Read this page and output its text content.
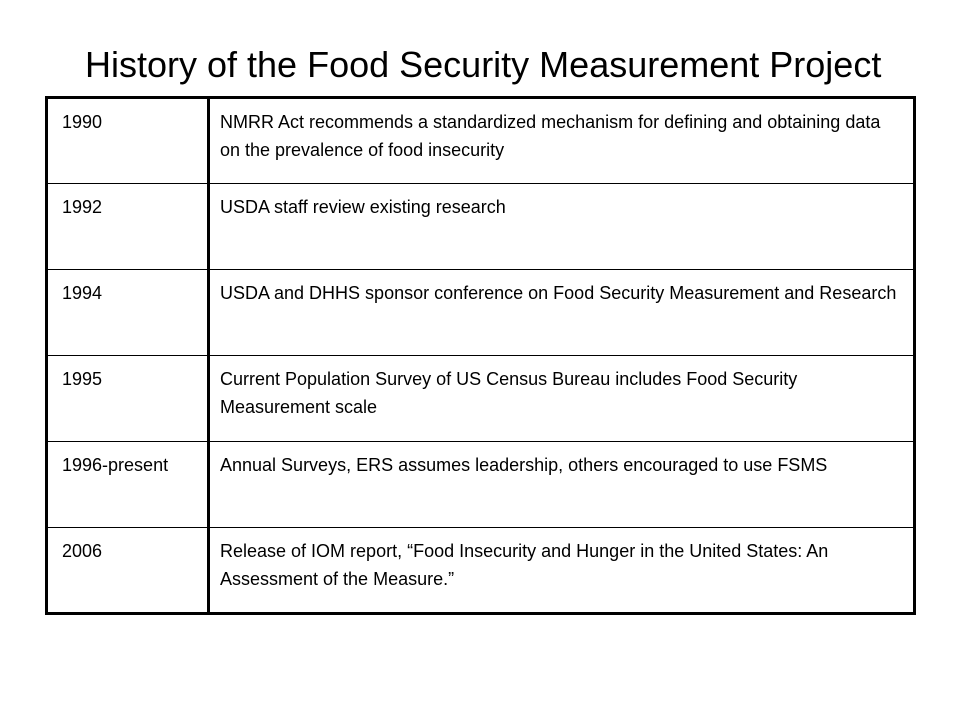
History of the Food Security Measurement Project
1990	NMRR Act recommends a standardized mechanism for defining and obtaining data on the prevalence of food insecurity
1992	USDA staff review existing research
1994	USDA and DHHS sponsor conference on Food Security Measurement and Research
1995	Current Population Survey of US Census Bureau includes Food Security Measurement scale
1996-present	Annual Surveys, ERS assumes leadership, others encouraged to use FSMS
2006	Release of IOM report, “Food Insecurity and Hunger in the United States: An Assessment of the Measure.”
